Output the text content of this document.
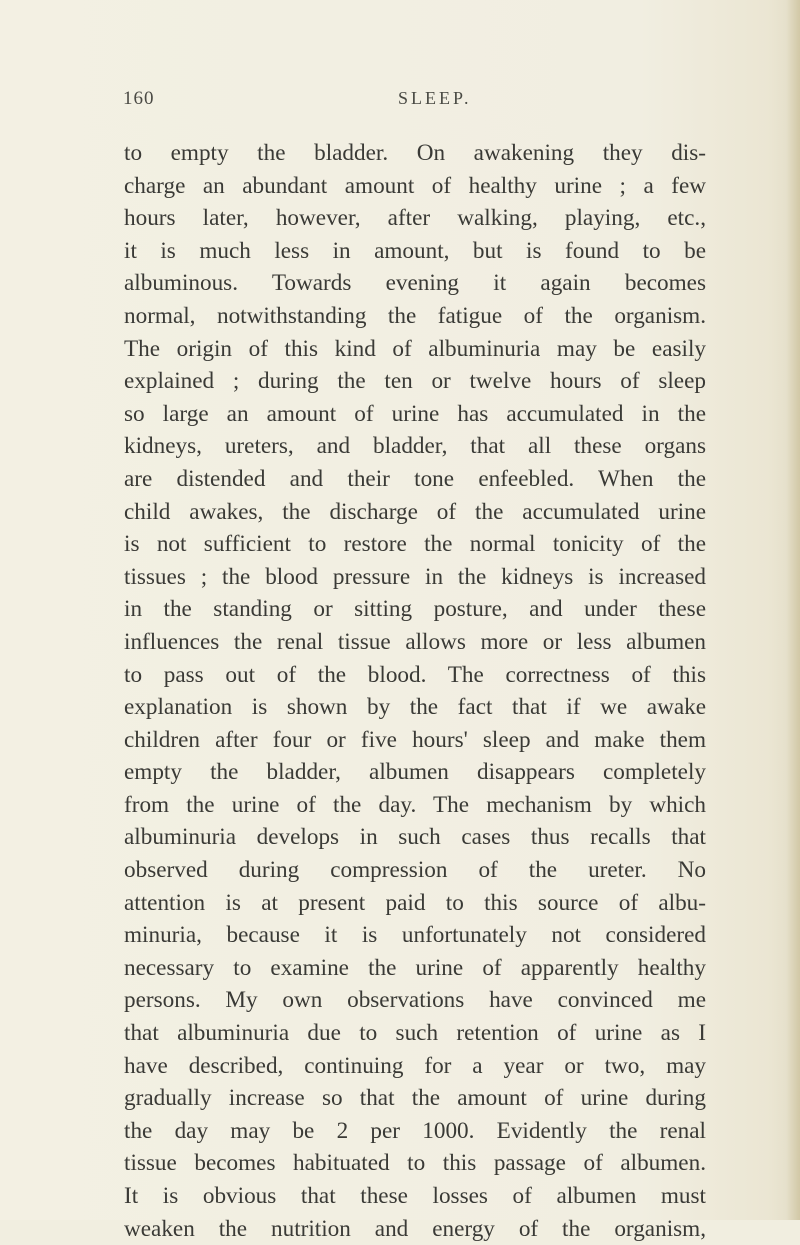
160	SLEEP.
to empty the bladder. On awakening they dis-
charge an abundant amount of healthy urine ; a few
hours later, however, after walking, playing, etc.,
it is much less in amount, but is found to be
albuminous. Towards evening it again becomes
normal, notwithstanding the fatigue of the organism.
The origin of this kind of albuminuria may be easily
explained ; during the ten or twelve hours of sleep
so large an amount of urine has accumulated in the
kidneys, ureters, and bladder, that all these organs
are distended and their tone enfeebled. When the
child awakes, the discharge of the accumulated urine
is not sufficient to restore the normal tonicity of the
tissues ; the blood pressure in the kidneys is increased
in the standing or sitting posture, and under these
influences the renal tissue allows more or less albumen
to pass out of the blood. The correctness of this
explanation is shown by the fact that if we awake
children after four or five hours' sleep and make them
empty the bladder, albumen disappears completely
from the urine of the day. The mechanism by which
albuminuria develops in such cases thus recalls that
observed during compression of the ureter. No
attention is at present paid to this source of albu-
minuria, because it is unfortunately not considered
necessary to examine the urine of apparently healthy
persons. My own observations have convinced me
that albuminuria due to such retention of urine as I
have described, continuing for a year or two, may
gradually increase so that the amount of urine during
the day may be 2 per 1000. Evidently the renal
tissue becomes habituated to this passage of albumen.
It is obvious that these losses of albumen must
weaken the nutrition and energy of the organism,
